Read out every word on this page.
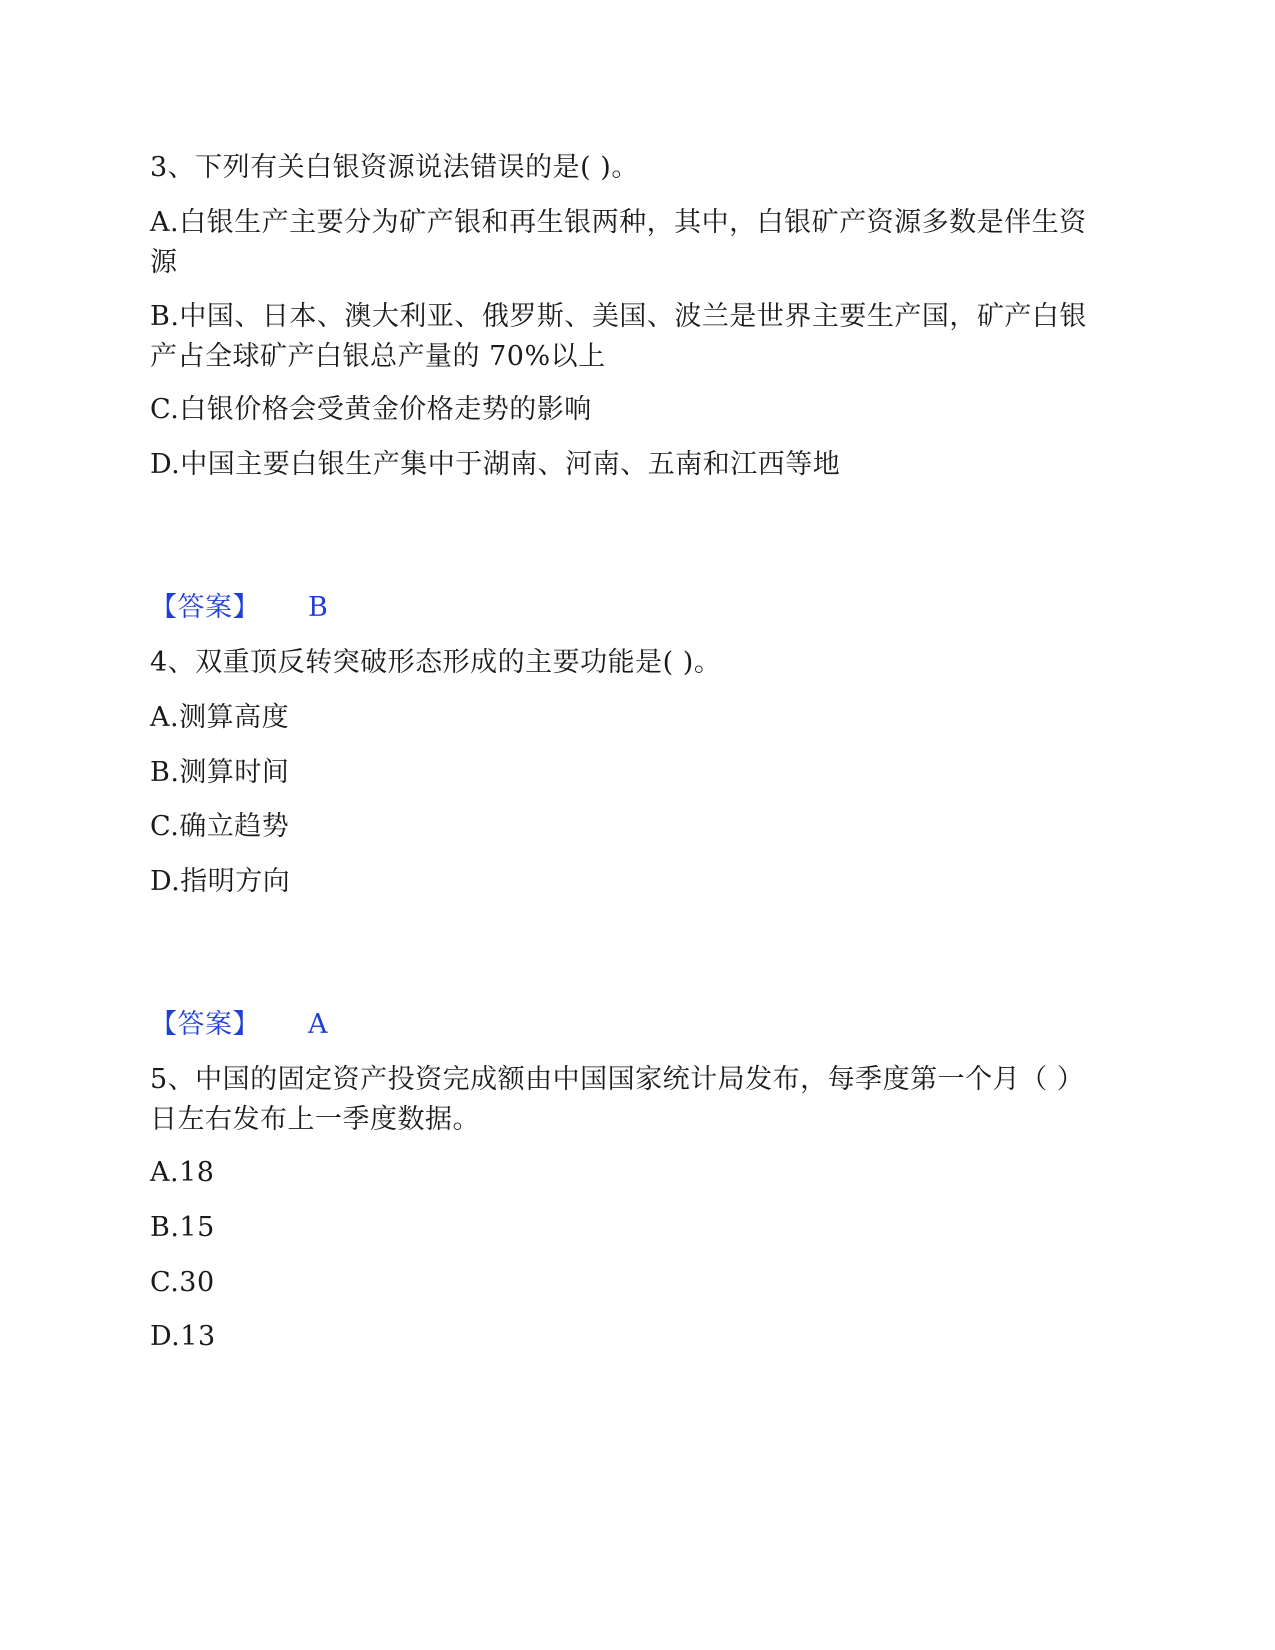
3、下列有关白银资源说法错误的是( )。
A.白银生产主要分为矿产银和再生银两种，其中，白银矿产资源多数是伴生资源
B.中国、日本、澳大利亚、俄罗斯、美国、波兰是世界主要生产国，矿产白银产占全球矿产白银总产量的 70%以上
C.白银价格会受黄金价格走势的影响
D.中国主要白银生产集中于湖南、河南、五南和江西等地
【答案】 B
4、双重顶反转突破形态形成的主要功能是( )。
A.测算高度
B.测算时间
C.确立趋势
D.指明方向
【答案】 A
5、中国的固定资产投资完成额由中国国家统计局发布，每季度第一个月（ ）日左右发布上一季度数据。
A.18
B.15
C.30
D.13
